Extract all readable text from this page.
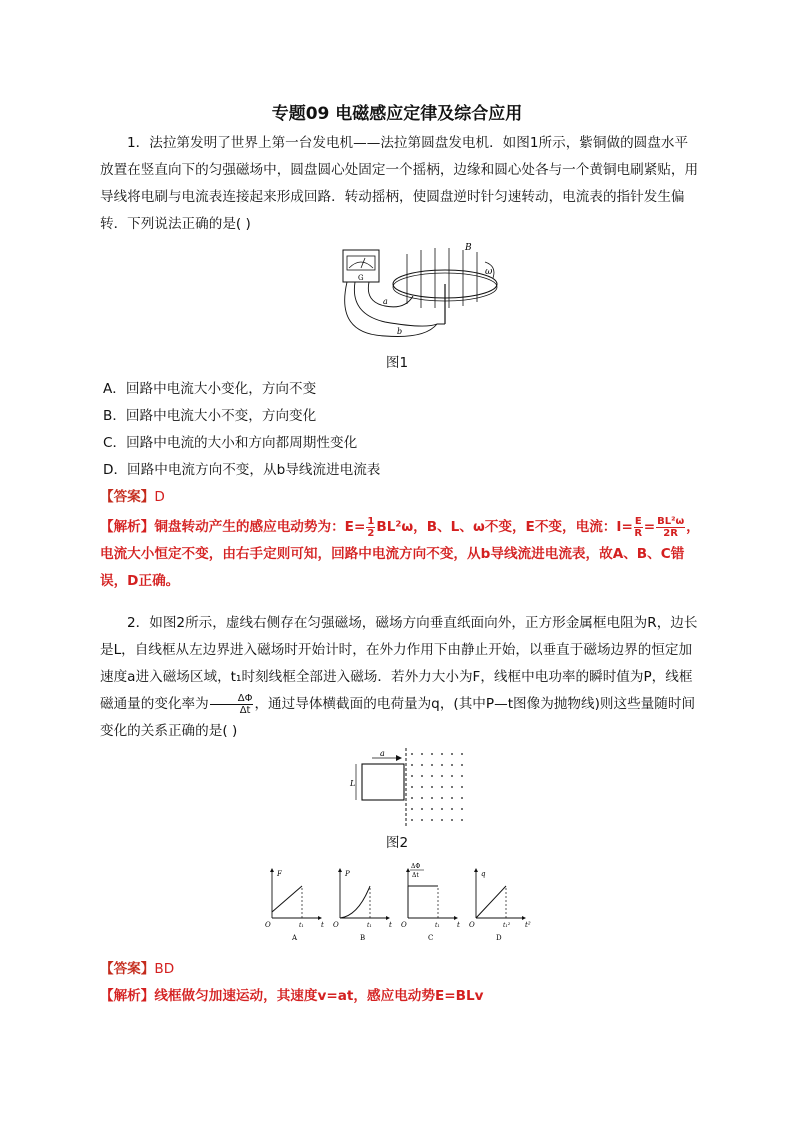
专题09 电磁感应定律及综合应用
1．法拉第发明了世界上第一台发电机——法拉第圆盘发电机．如图1所示，紫铜做的圆盘水平放置在竖直向下的匀强磁场中，圆盘圆心处固定一个摇柄，边缘和圆心处各与一个黄铜电刷紧贴，用导线将电刷与电流表连接起来形成回路．转动摇柄，使圆盘逆时针匀速转动，电流表的指针发生偏转．下列说法正确的是( )
G
a
b
B
ω
图1
A．回路中电流大小变化，方向不变
B．回路中电流大小不变，方向变化
C．回路中电流的大小和方向都周期性变化
D．回路中电流方向不变，从b导线流进电流表
【答案】D
【解析】铜盘转动产生的感应电动势为：$E= \frac{1}{2} BL^2\omega$，B、L、ω不变，E不变，电流：$I= \frac{E}{R} = \frac{\text{BL²ω}}{2R}$ ，电流大小恒定不变，由右手定则可知，回路中电流方向不变，从b导线流进电流表，故A、B、C错误，D正确。
2．如图2所示，虚线右侧存在匀强磁场，磁场方向垂直纸面向外，正方形金属框电阻为R，边长是L，自线框从左边界进入磁场时开始计时，在外力作用下由静止开始，以垂直于磁场边界的恒定加速度a进入磁场区域，t₁时刻线框全部进入磁场．若外力大小为F，线框中电功率的瞬时值为P，线框磁通量的变化率为 $\frac{\Delta\Phi}{\Delta t}$ ，通过导体横截面的电荷量为q，(其中P—t图像为抛物线)则这些量随时间变化的关系正确的是( )
a
L
图2
O	t₁ t
F
A
O	t₁ t
P
B
O	t₁ t
ΔΦ
Δt
C
O	t₁² t²
q
D
【答案】BD
【解析】线框做匀加速运动，其速度v=at，感应电动势E=BLv
